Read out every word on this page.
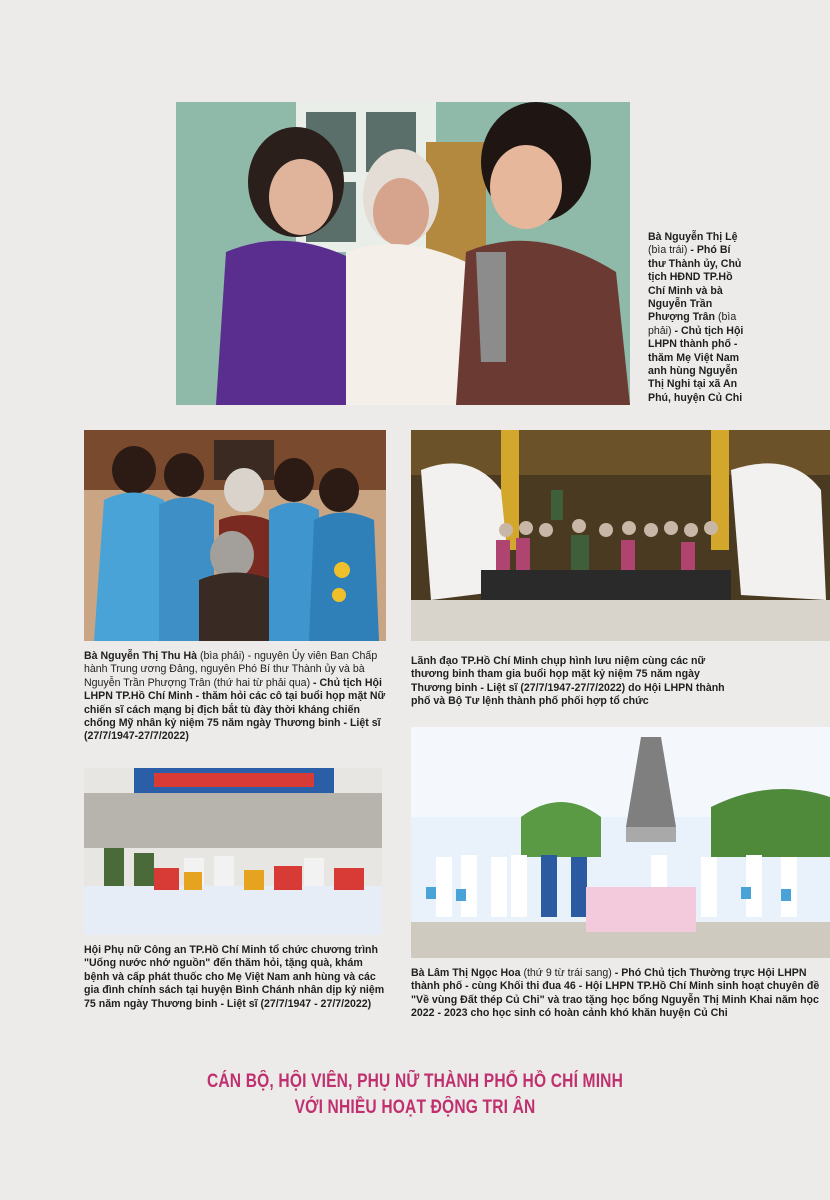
Bà Nguyễn Thị Lệ (bìa trái) - Phó Bí thư Thành ủy, Chủ tịch HĐND TP.Hồ Chí Minh và bà Nguyễn Trần Phượng Trân (bìa phải) - Chủ tịch Hội LHPN thành phố - thăm Mẹ Việt Nam anh hùng Nguyễn Thị Nghi tại xã An Phú, huyện Củ Chi
Bà Nguyễn Thị Thu Hà (bìa phải) - nguyên Ủy viên Ban Chấp hành Trung ương Đảng, nguyên Phó Bí thư Thành ủy và bà Nguyễn Trần Phượng Trân (thứ hai từ phải qua) - Chủ tịch Hội LHPN TP.Hồ Chí Minh - thăm hỏi các cô tại buổi họp mặt Nữ chiến sĩ cách mạng bị địch bắt tù đày thời kháng chiến chống Mỹ nhân kỷ niệm 75 năm ngày Thương binh - Liệt sĩ (27/7/1947-27/7/2022)
Lãnh đạo TP.Hồ Chí Minh chụp hình lưu niệm cùng các nữ thương binh tham gia buổi họp mặt kỷ niệm 75 năm ngày Thương binh - Liệt sĩ (27/7/1947-27/7/2022) do Hội LHPN thành phố và Bộ Tư lệnh thành phố phối hợp tổ chức
Hội Phụ nữ Công an TP.Hồ Chí Minh tổ chức chương trình "Uống nước nhớ nguồn" đến thăm hỏi, tặng quà, khám bệnh và cấp phát thuốc cho Mẹ Việt Nam anh hùng và các gia đình chính sách tại huyện Bình Chánh nhân dịp kỷ niệm 75 năm ngày Thương binh - Liệt sĩ (27/7/1947 - 27/7/2022)
Bà Lâm Thị Ngọc Hoa (thứ 9 từ trái sang) - Phó Chủ tịch Thường trực Hội LHPN thành phố - cùng Khối thi đua 46 - Hội LHPN TP.Hồ Chí Minh sinh hoạt chuyên đề "Về vùng Đất thép Củ Chi" và trao tặng học bổng Nguyễn Thị Minh Khai năm học 2022 - 2023 cho học sinh có hoàn cảnh khó khăn huyện Củ Chi
CÁN BỘ, HỘI VIÊN, PHỤ NỮ THÀNH PHỐ HỒ CHÍ MINH
VỚI NHIỀU HOẠT ĐỘNG TRI ÂN
